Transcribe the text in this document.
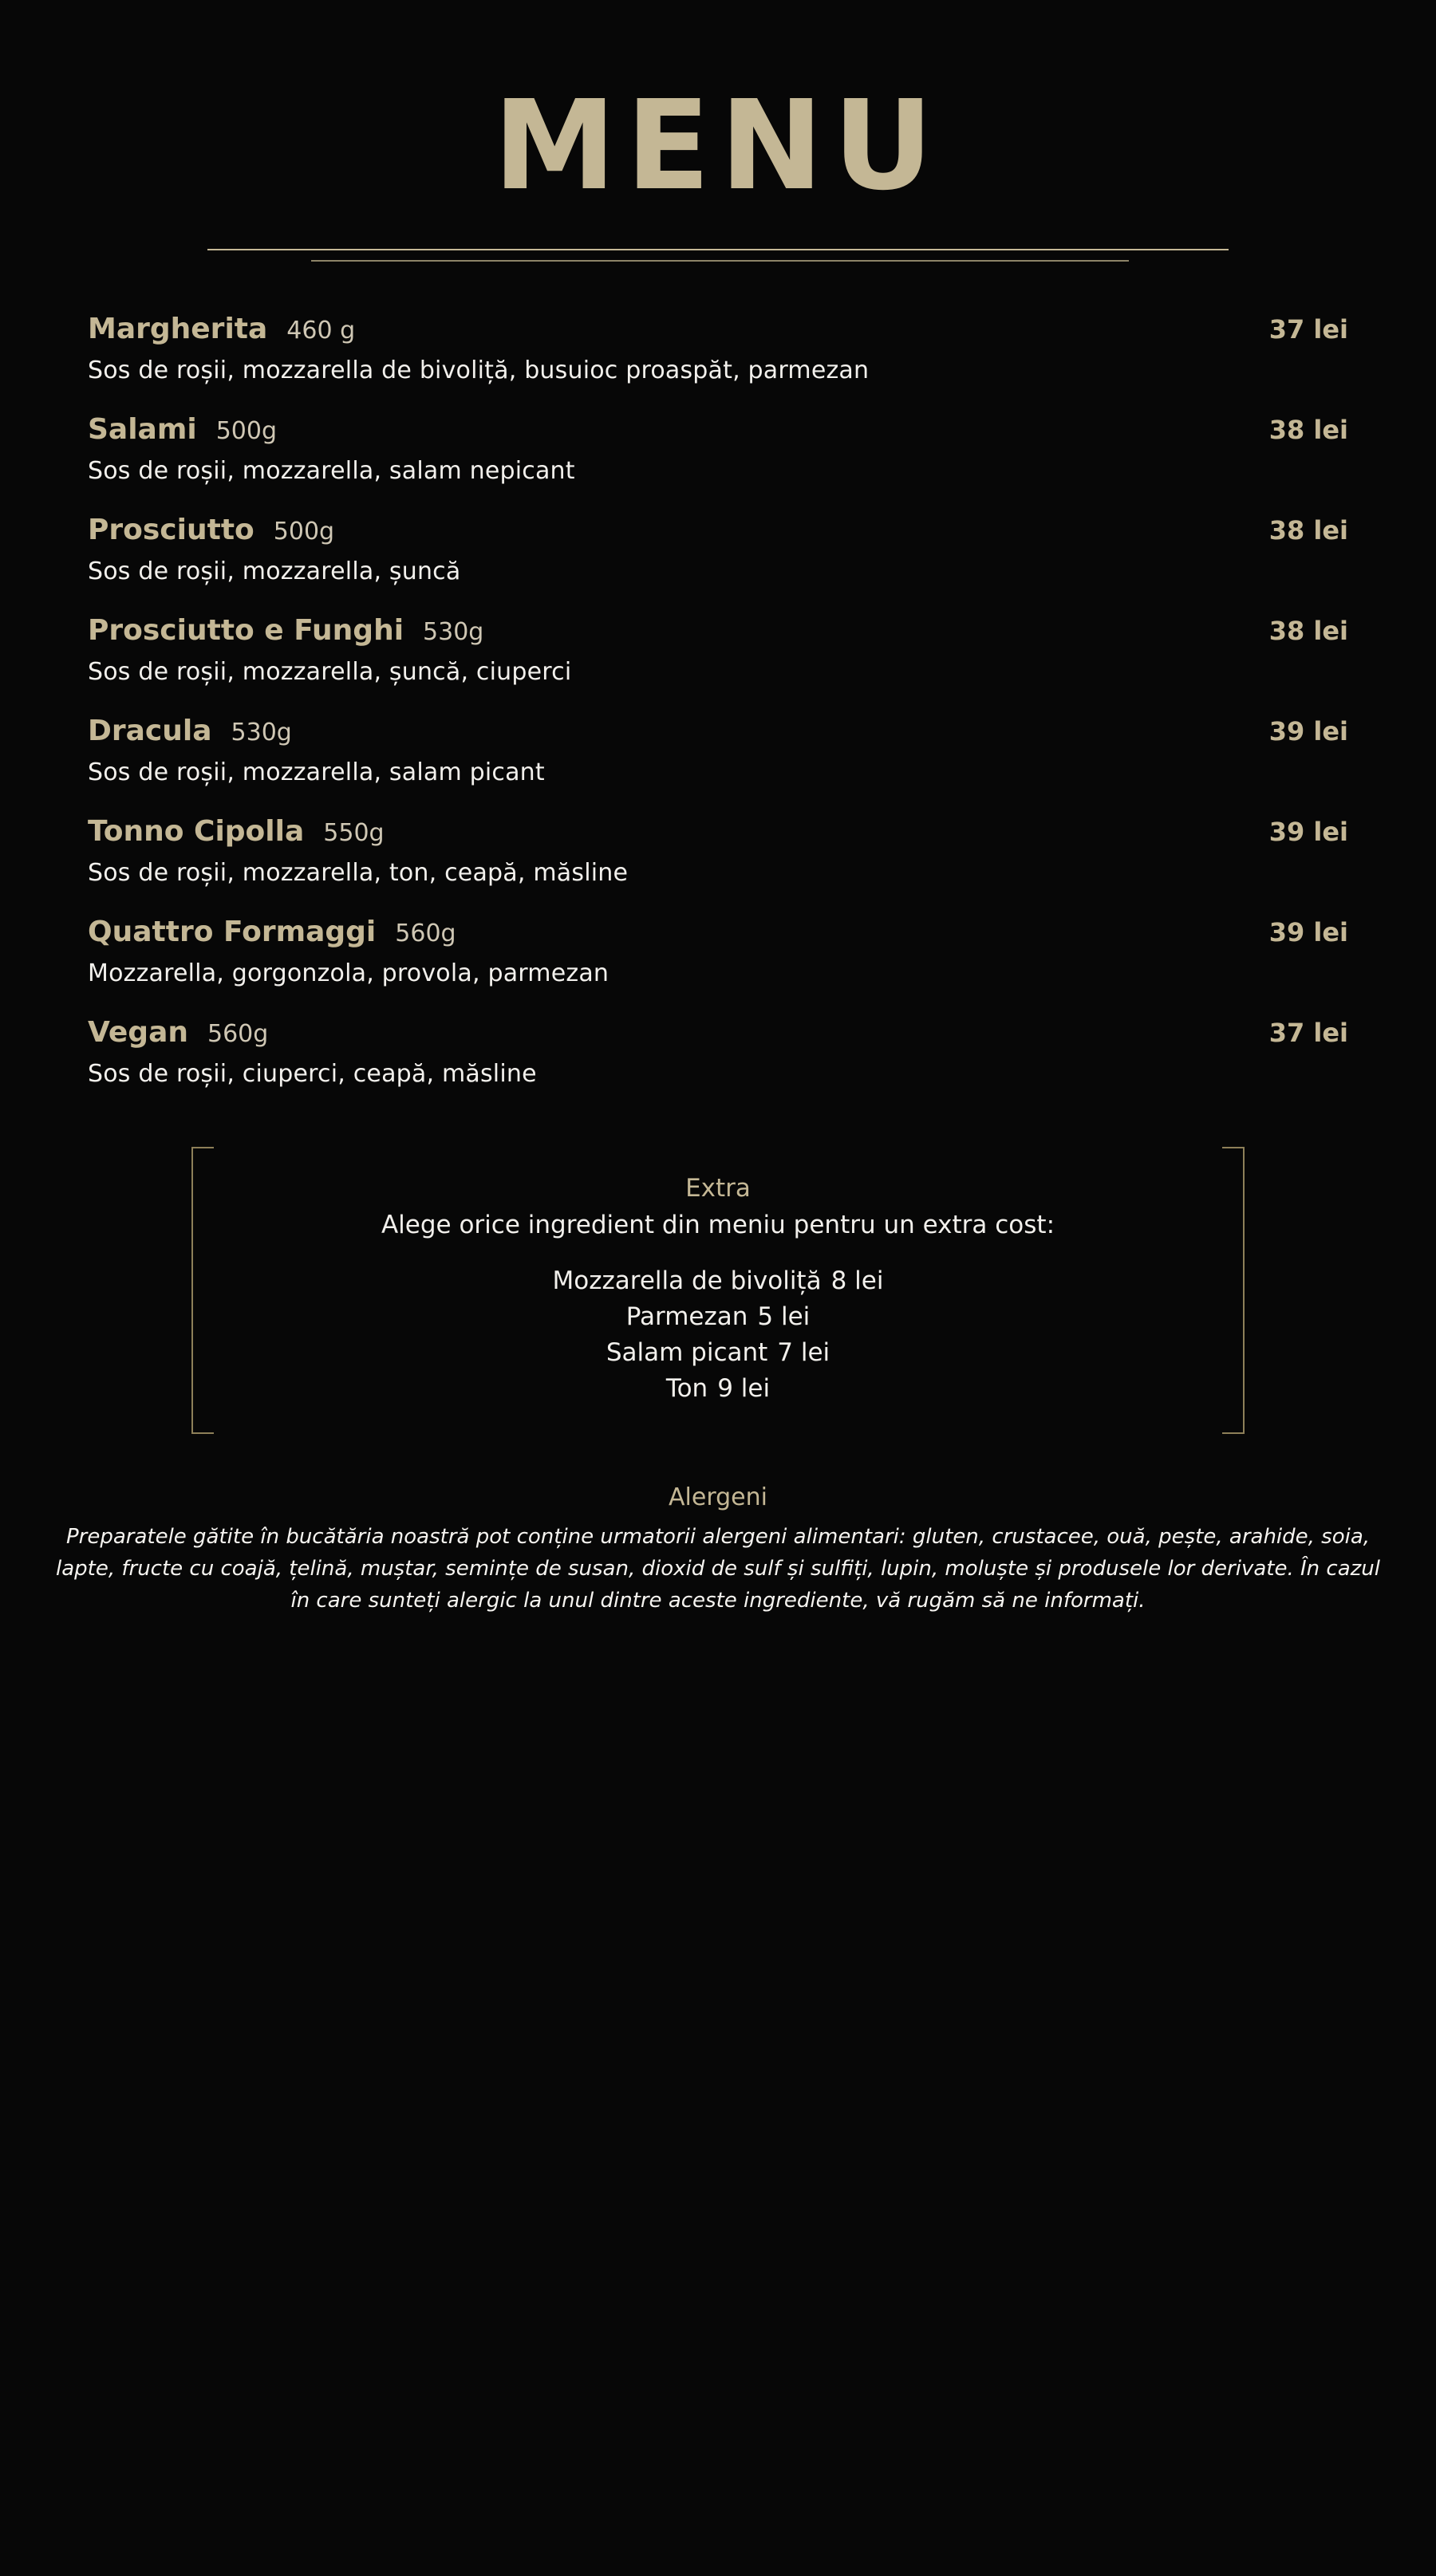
MENU
Margherita 460 g	37 lei
Sos de roșii, mozzarella de bivoliță, busuioc proaspăt, parmezan
Salami 500g	38 lei
Sos de roșii, mozzarella, salam nepicant
Prosciutto 500g	38 lei
Sos de roșii, mozzarella, șuncă
Prosciutto e Funghi 530g	38 lei
Sos de roșii, mozzarella, șuncă, ciuperci
Dracula 530g	39 lei
Sos de roșii, mozzarella, salam picant
Tonno Cipolla 550g	39 lei
Sos de roșii, mozzarella, ton, ceapă, măsline
Quattro Formaggi 560g	39 lei
Mozzarella, gorgonzola, provola, parmezan
Vegan 560g	37 lei
Sos de roșii, ciuperci, ceapă, măsline
Extra
Alege orice ingredient din meniu pentru un extra cost:
Mozzarella de bivoliță 8 lei
Parmezan 5 lei
Salam picant 7 lei
Ton 9 lei
Alergeni
Preparatele gătite în bucătăria noastră pot conține urmatorii alergeni alimentari: gluten, crustacee, ouă, pește, arahide, soia, lapte, fructe cu coajă, țelină, muștar, semințe de susan, dioxid de sulf și sulfiți, lupin, moluște și produsele lor derivate. În cazul în care sunteți alergic la unul dintre aceste ingrediente, vă rugăm să ne informați.
